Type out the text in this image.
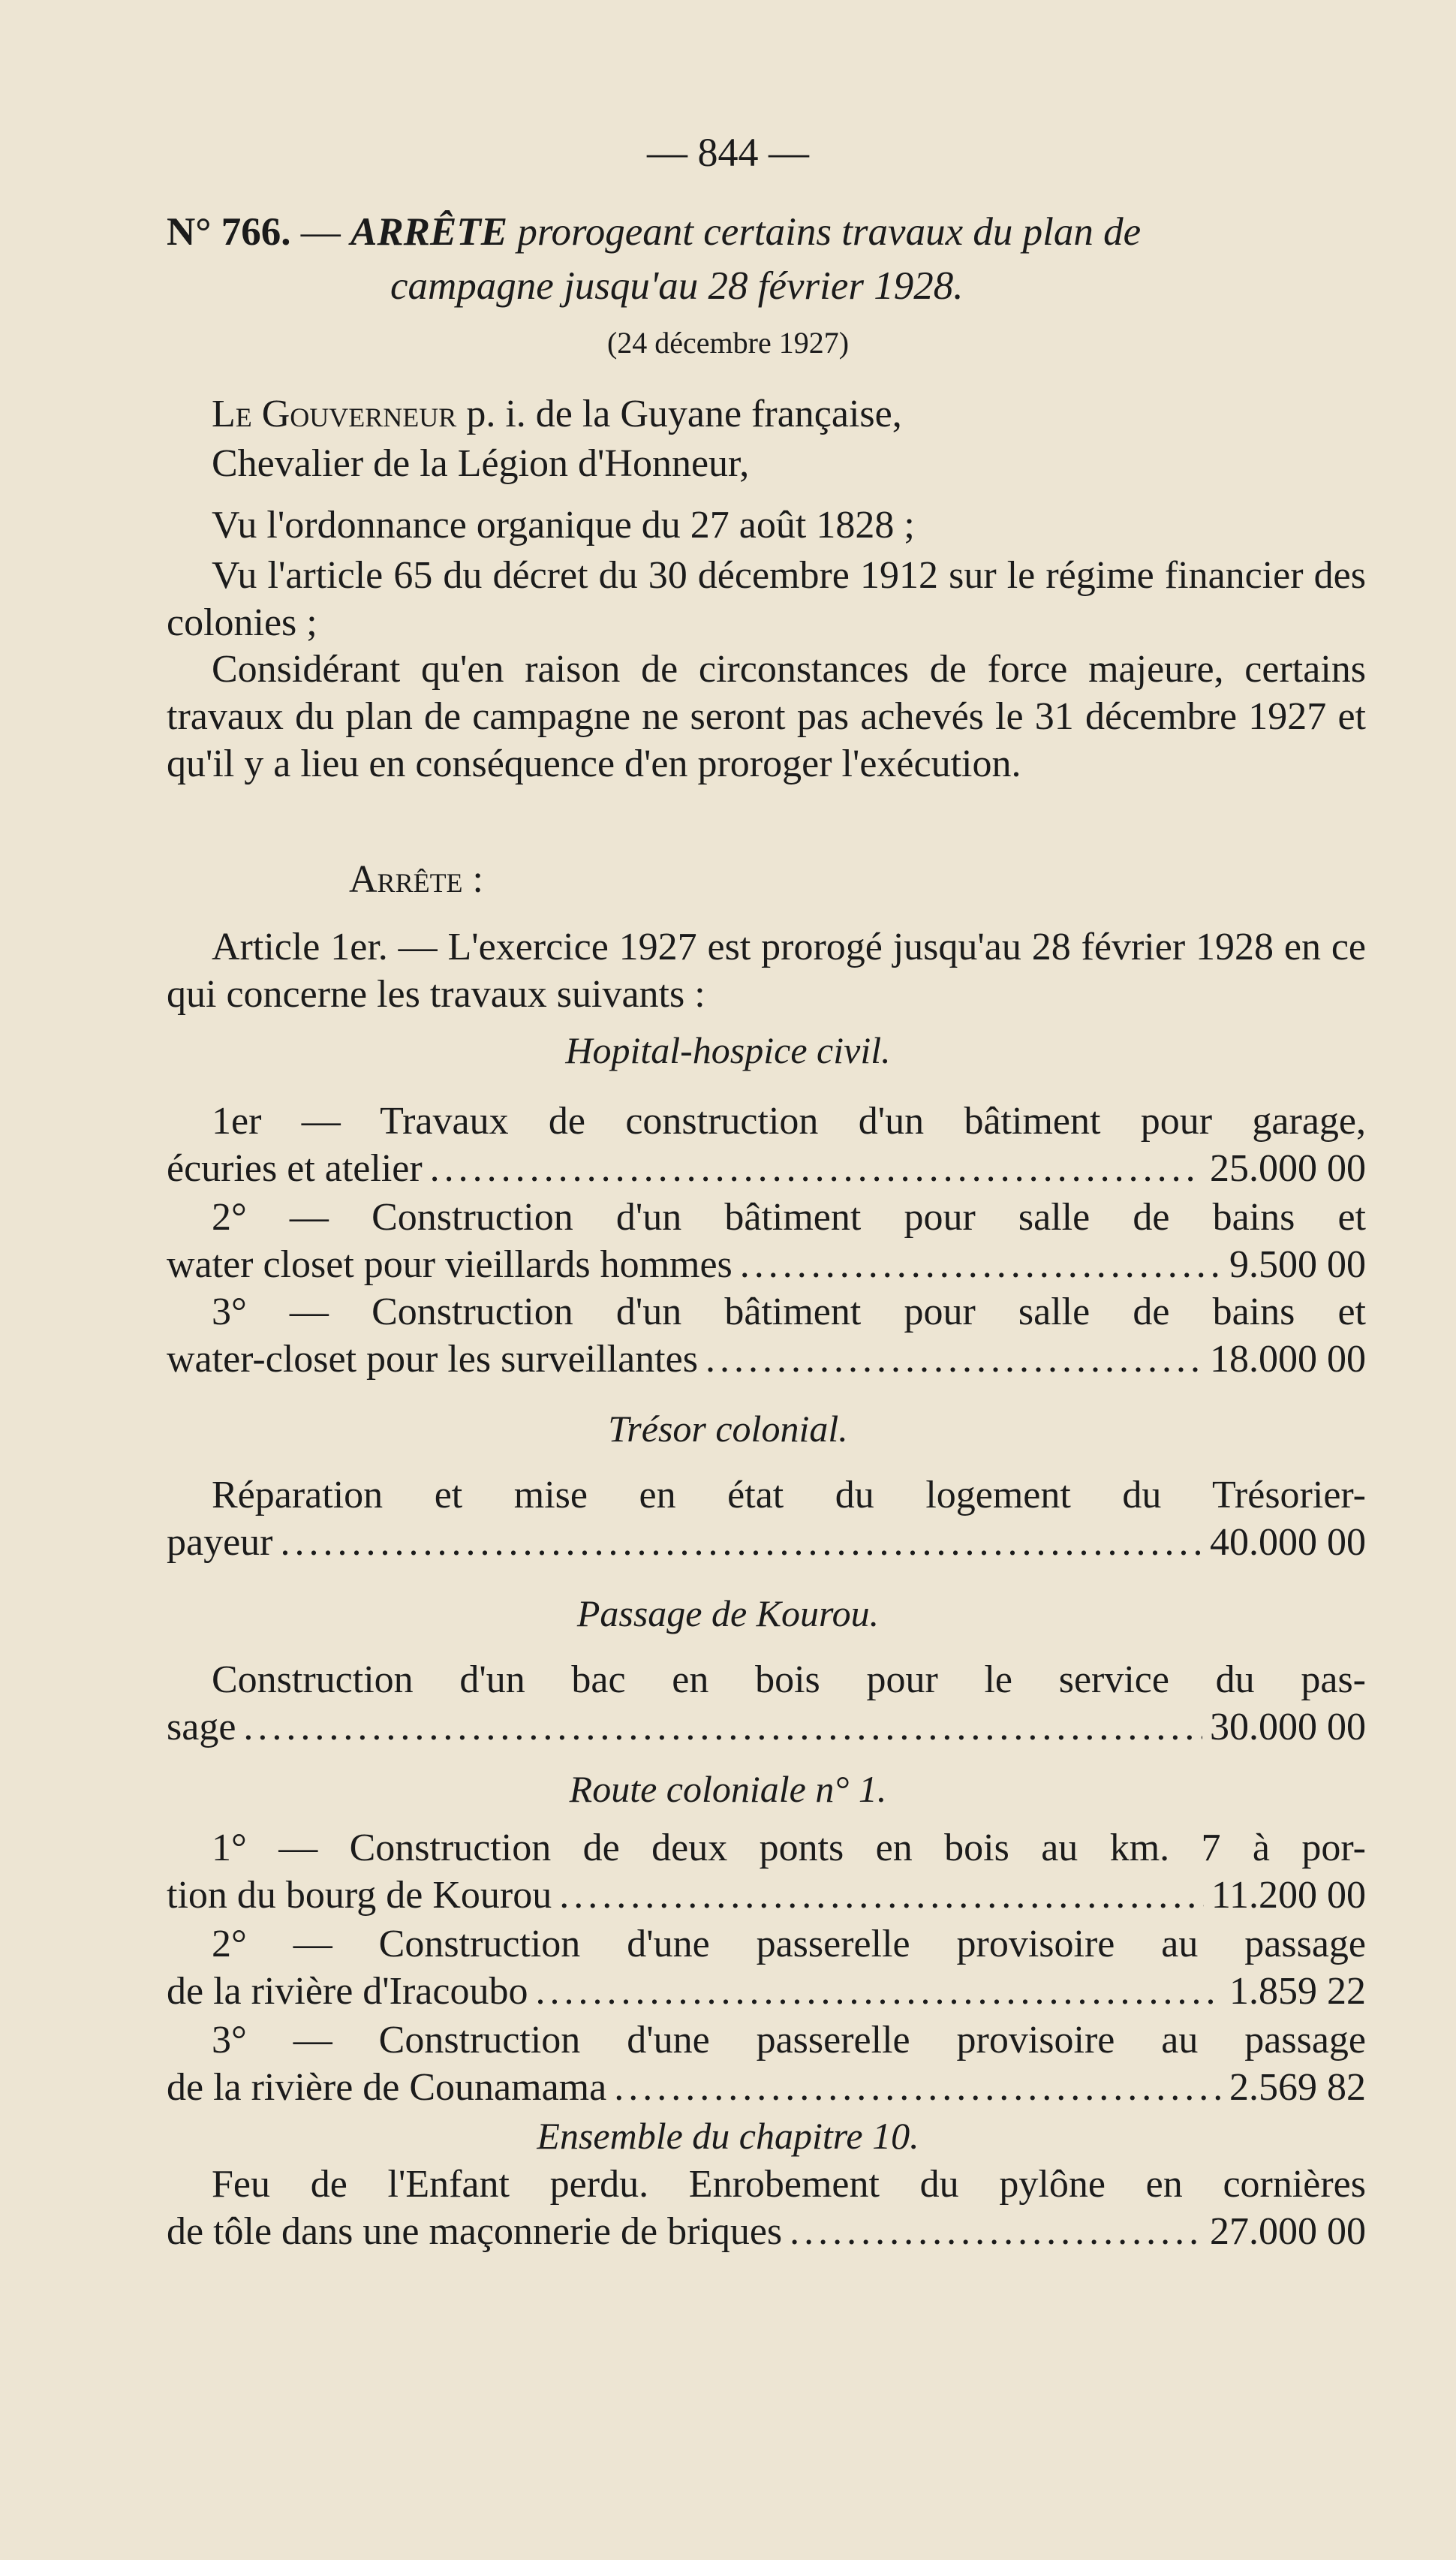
— 844 —
N° 766. — ARRÊTE prorogeant certains travaux du plan de
campagne jusqu'au 28 février 1928.
(24 décembre 1927)
Le Gouverneur p. i. de la Guyane française,
Chevalier de la Légion d'Honneur,
Vu l'ordonnance organique du 27 août 1828 ;
Vu l'article 65 du décret du 30 décembre 1912 sur le régime financier des colonies ;
Considérant qu'en raison de circonstances de force majeure, certains travaux du plan de campagne ne seront pas achevés le 31 décembre 1927 et qu'il y a lieu en conséquence d'en proroger l'exécution.
Arrête :
Article 1er. — L'exercice 1927 est prorogé jusqu'au 28 février 1928 en ce qui concerne les travaux suivants :
Hopital-hospice civil.
1er — Travaux de construction d'un bâtiment pour garage,
écuries et atelier .....	25.000 00
2° — Construction d'un bâtiment pour salle de bains et
water closet pour vieillards hommes .....	9.500 00
3° — Construction d'un bâtiment pour salle de bains et
water-closet pour les surveillantes .....	18.000 00
Trésor colonial.
Réparation et mise en état du logement du Trésorier-
payeur .....	40.000 00
Passage de Kourou.
Construction d'un bac en bois pour le service du pas-
sage .....	30.000 00
Route coloniale n° 1.
1° — Construction de deux ponts en bois au km. 7 à por-
tion du bourg de Kourou .....	11.200 00
2° — Construction d'une passerelle provisoire au passage
de la rivière d'Iracoubo .....	1.859 22
3° — Construction d'une passerelle provisoire au passage
de la rivière de Counamama .....	2.569 82
Ensemble du chapitre 10.
Feu de l'Enfant perdu. Enrobement du pylône en cornières
de tôle dans une maçonnerie de briques .....	27.000 00
